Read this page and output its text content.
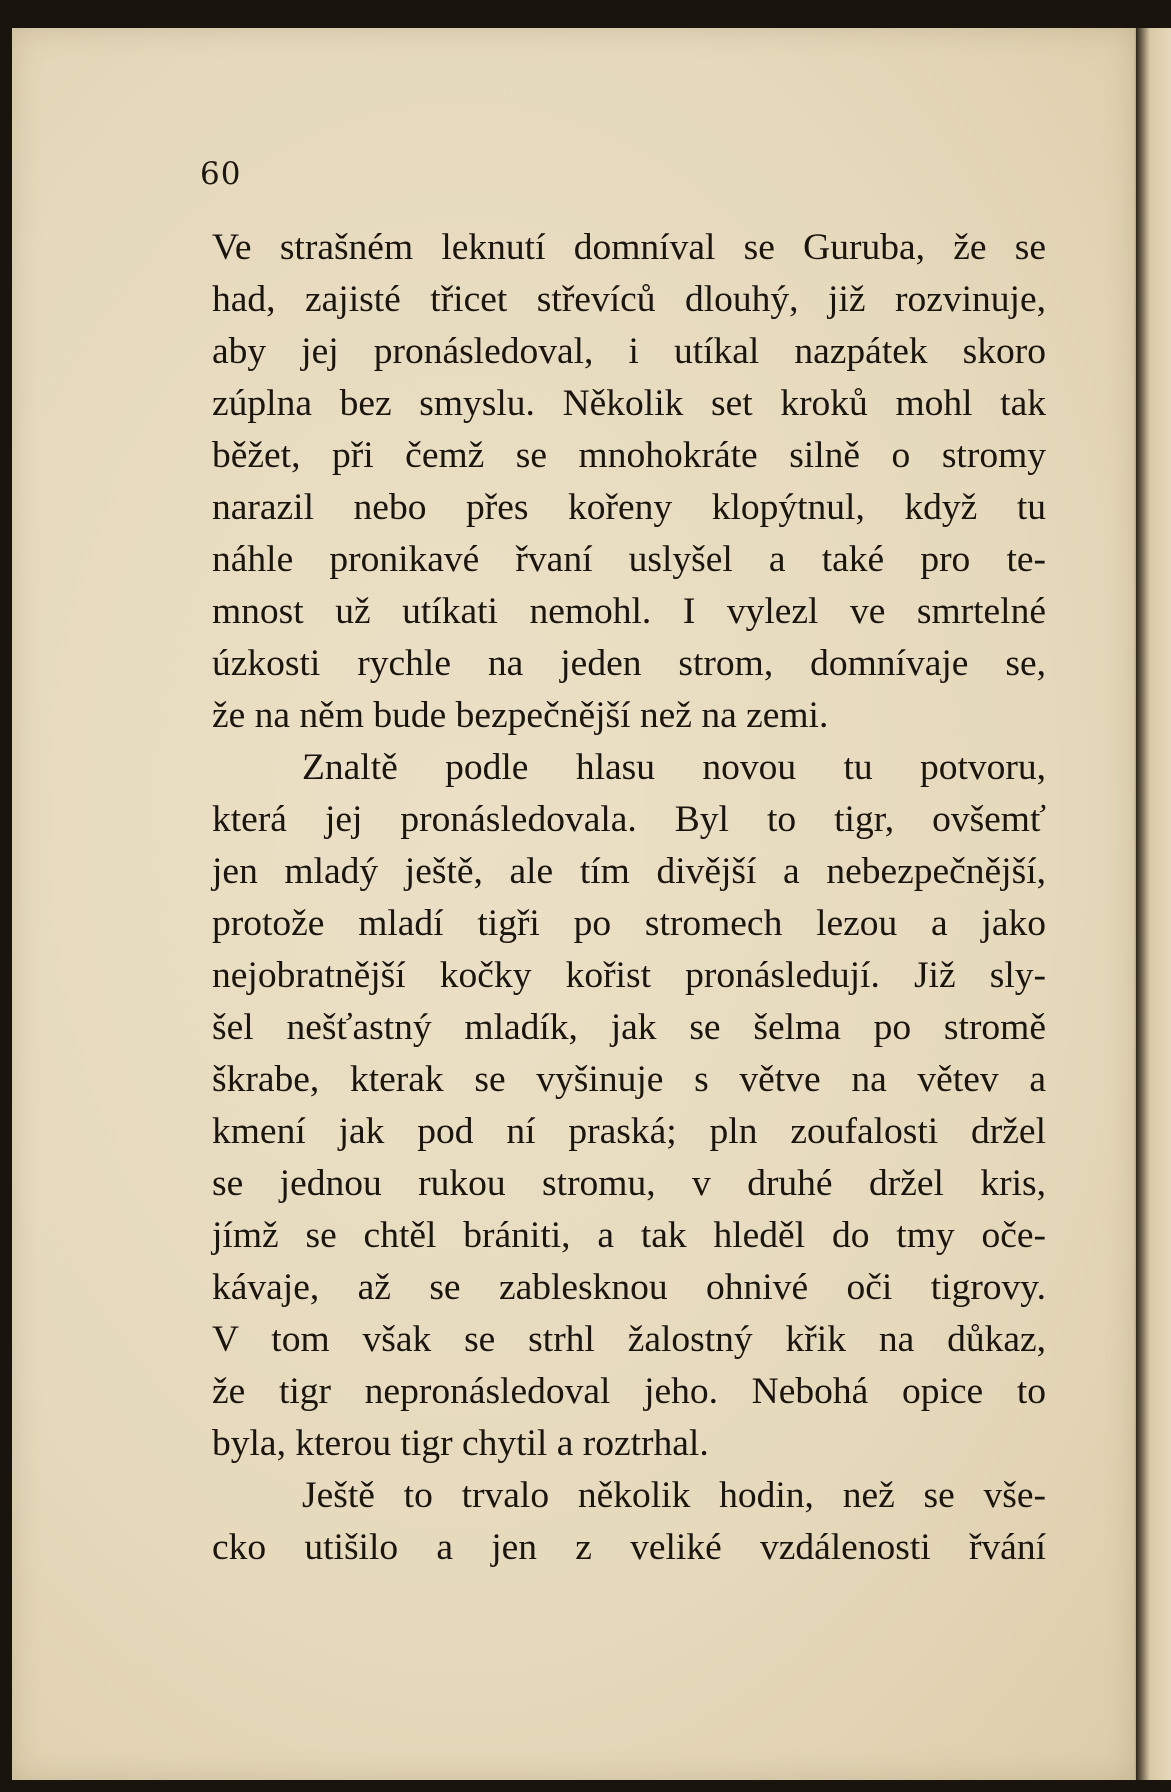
60
Ve strašném leknutí domníval se Guruba, že se
had, zajisté třicet střevíců dlouhý, již rozvinuje,
aby jej pronásledoval, i utíkal nazpátek skoro
zúplna bez smyslu. Několik set kroků mohl tak
běžet, při čemž se mnohokráte silně o stromy
narazil nebo přes kořeny klopýtnul, když tu
náhle pronikavé řvaní uslyšel a také pro te-
mnost už utíkati nemohl. I vylezl ve smrtelné
úzkosti rychle na jeden strom, domnívaje se,
že na něm bude bezpečnější než na zemi.
Znaltě podle hlasu novou tu potvoru,
která jej pronásledovala. Byl to tigr, ovšemť
jen mladý ještě, ale tím divější a nebezpečnější,
protože mladí tigři po stromech lezou a jako
nejobratnější kočky kořist pronásledují. Již sly-
šel nešťastný mladík, jak se šelma po stromě
škrabe, kterak se vyšinuje s větve na větev a
kmení jak pod ní praská; pln zoufalosti držel
se jednou rukou stromu, v druhé držel kris,
jímž se chtěl brániti, a tak hleděl do tmy oče-
kávaje, až se zablesknou ohnivé oči tigrovy.
V tom však se strhl žalostný křik na důkaz,
že tigr nepronásledoval jeho. Nebohá opice to
byla, kterou tigr chytil a roztrhal.
Ještě to trvalo několik hodin, než se vše-
cko utišilo a jen z veliké vzdálenosti řvání
